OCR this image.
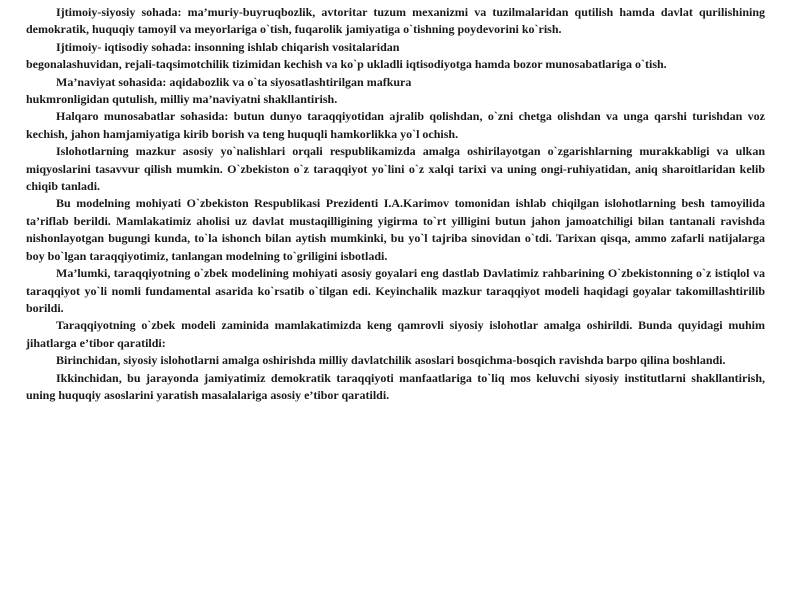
Ijtimoiy-siyosiy sohada: ma’muriy-buyruqbozlik, avtoritar tuzum mexanizmi va tuzilmalaridan qutilish hamda davlat qurilishining demokratik, huquqiy tamoyil va meyorlariga o`tish, fuqarolik jamiyatiga o`tishning poydevorini ko`rish.

Ijtimoiy- iqtisodiy sohada: insonning ishlab chiqarish vositalaridan

begonalashuvidan, rejali-taqsimotchilik tizimidan kechish va ko`p ukladli iqtisodiyotga hamda bozor munosabatlariga o`tish.

Ma’naviyat sohasida: aqidabozlik va o`ta siyosatlashtirilgan mafkura

hukmronligidan qutulish, milliy ma’naviyatni shakllantirish.

Halqaro munosabatlar sohasida: butun dunyo taraqqiyotidan ajralib qolishdan, o`zni chetga olishdan va unga qarshi turishdan voz kechish, jahon hamjamiyatiga kirib borish va teng huquqli hamkorlikka yo`l ochish.

Islohotlarning mazkur asosiy yo`nalishlari orqali respublikamizda amalga oshirilayotgan o`zgarishlarning murakkabligi va ulkan miqyoslarini tasavvur qilish mumkin. O`zbekiston o`z taraqqiyot yo`lini o`z xalqi tarixi va uning ongi-ruhiyatidan, aniq sharoitlaridan kelib chiqib tanladi.

Bu modelning mohiyati O`zbekiston Respublikasi Prezidenti I.A.Karimov tomonidan ishlab chiqilgan islohotlarning besh tamoyilida ta’riflab berildi. Mamlakatimiz aholisi uz davlat mustaqilligining yigirma to`rt yilligini butun jahon jamoatchiligi bilan tantanali ravishda nishonlayotgan bugungi kunda, to`la ishonch bilan aytish mumkinki, bu yo`l tajriba sinovidan o`tdi. Tarixan qisqa, ammo zafarli natijalarga boy bo`lgan taraqqiyotimiz, tanlangan modelning to`griligini isbotladi.

Ma’lumki, taraqqiyotning o`zbek modelining mohiyati asosiy goyalari eng dastlab Davlatimiz rahbarining O`zbekistonning o`z istiqlol va taraqqiyot yo`li nomli fundamental asarida ko`rsatib o`tilgan edi. Keyinchalik mazkur taraqqiyot modeli haqidagi goyalar takomillashtirilib borildi.

Taraqqiyotning o`zbek modeli zaminida mamlakatimizda keng qamrovli siyosiy islohotlar amalga oshirildi. Bunda quyidagi muhim jihatlarga e’tibor qaratildi:

Birinchidan, siyosiy islohotlarni amalga oshirishda milliy davlatchilik asoslari bosqichma-bosqich ravishda barpo qilina boshlandi.

Ikkinchidan, bu jarayonda jamiyatimiz demokratik taraqqiyoti manfaatlariga to`liq mos keluvchi siyosiy institutlarni shakllantirish, uning huquqiy asoslarini yaratish masalalariga asosiy e’tibor qaratildi.
